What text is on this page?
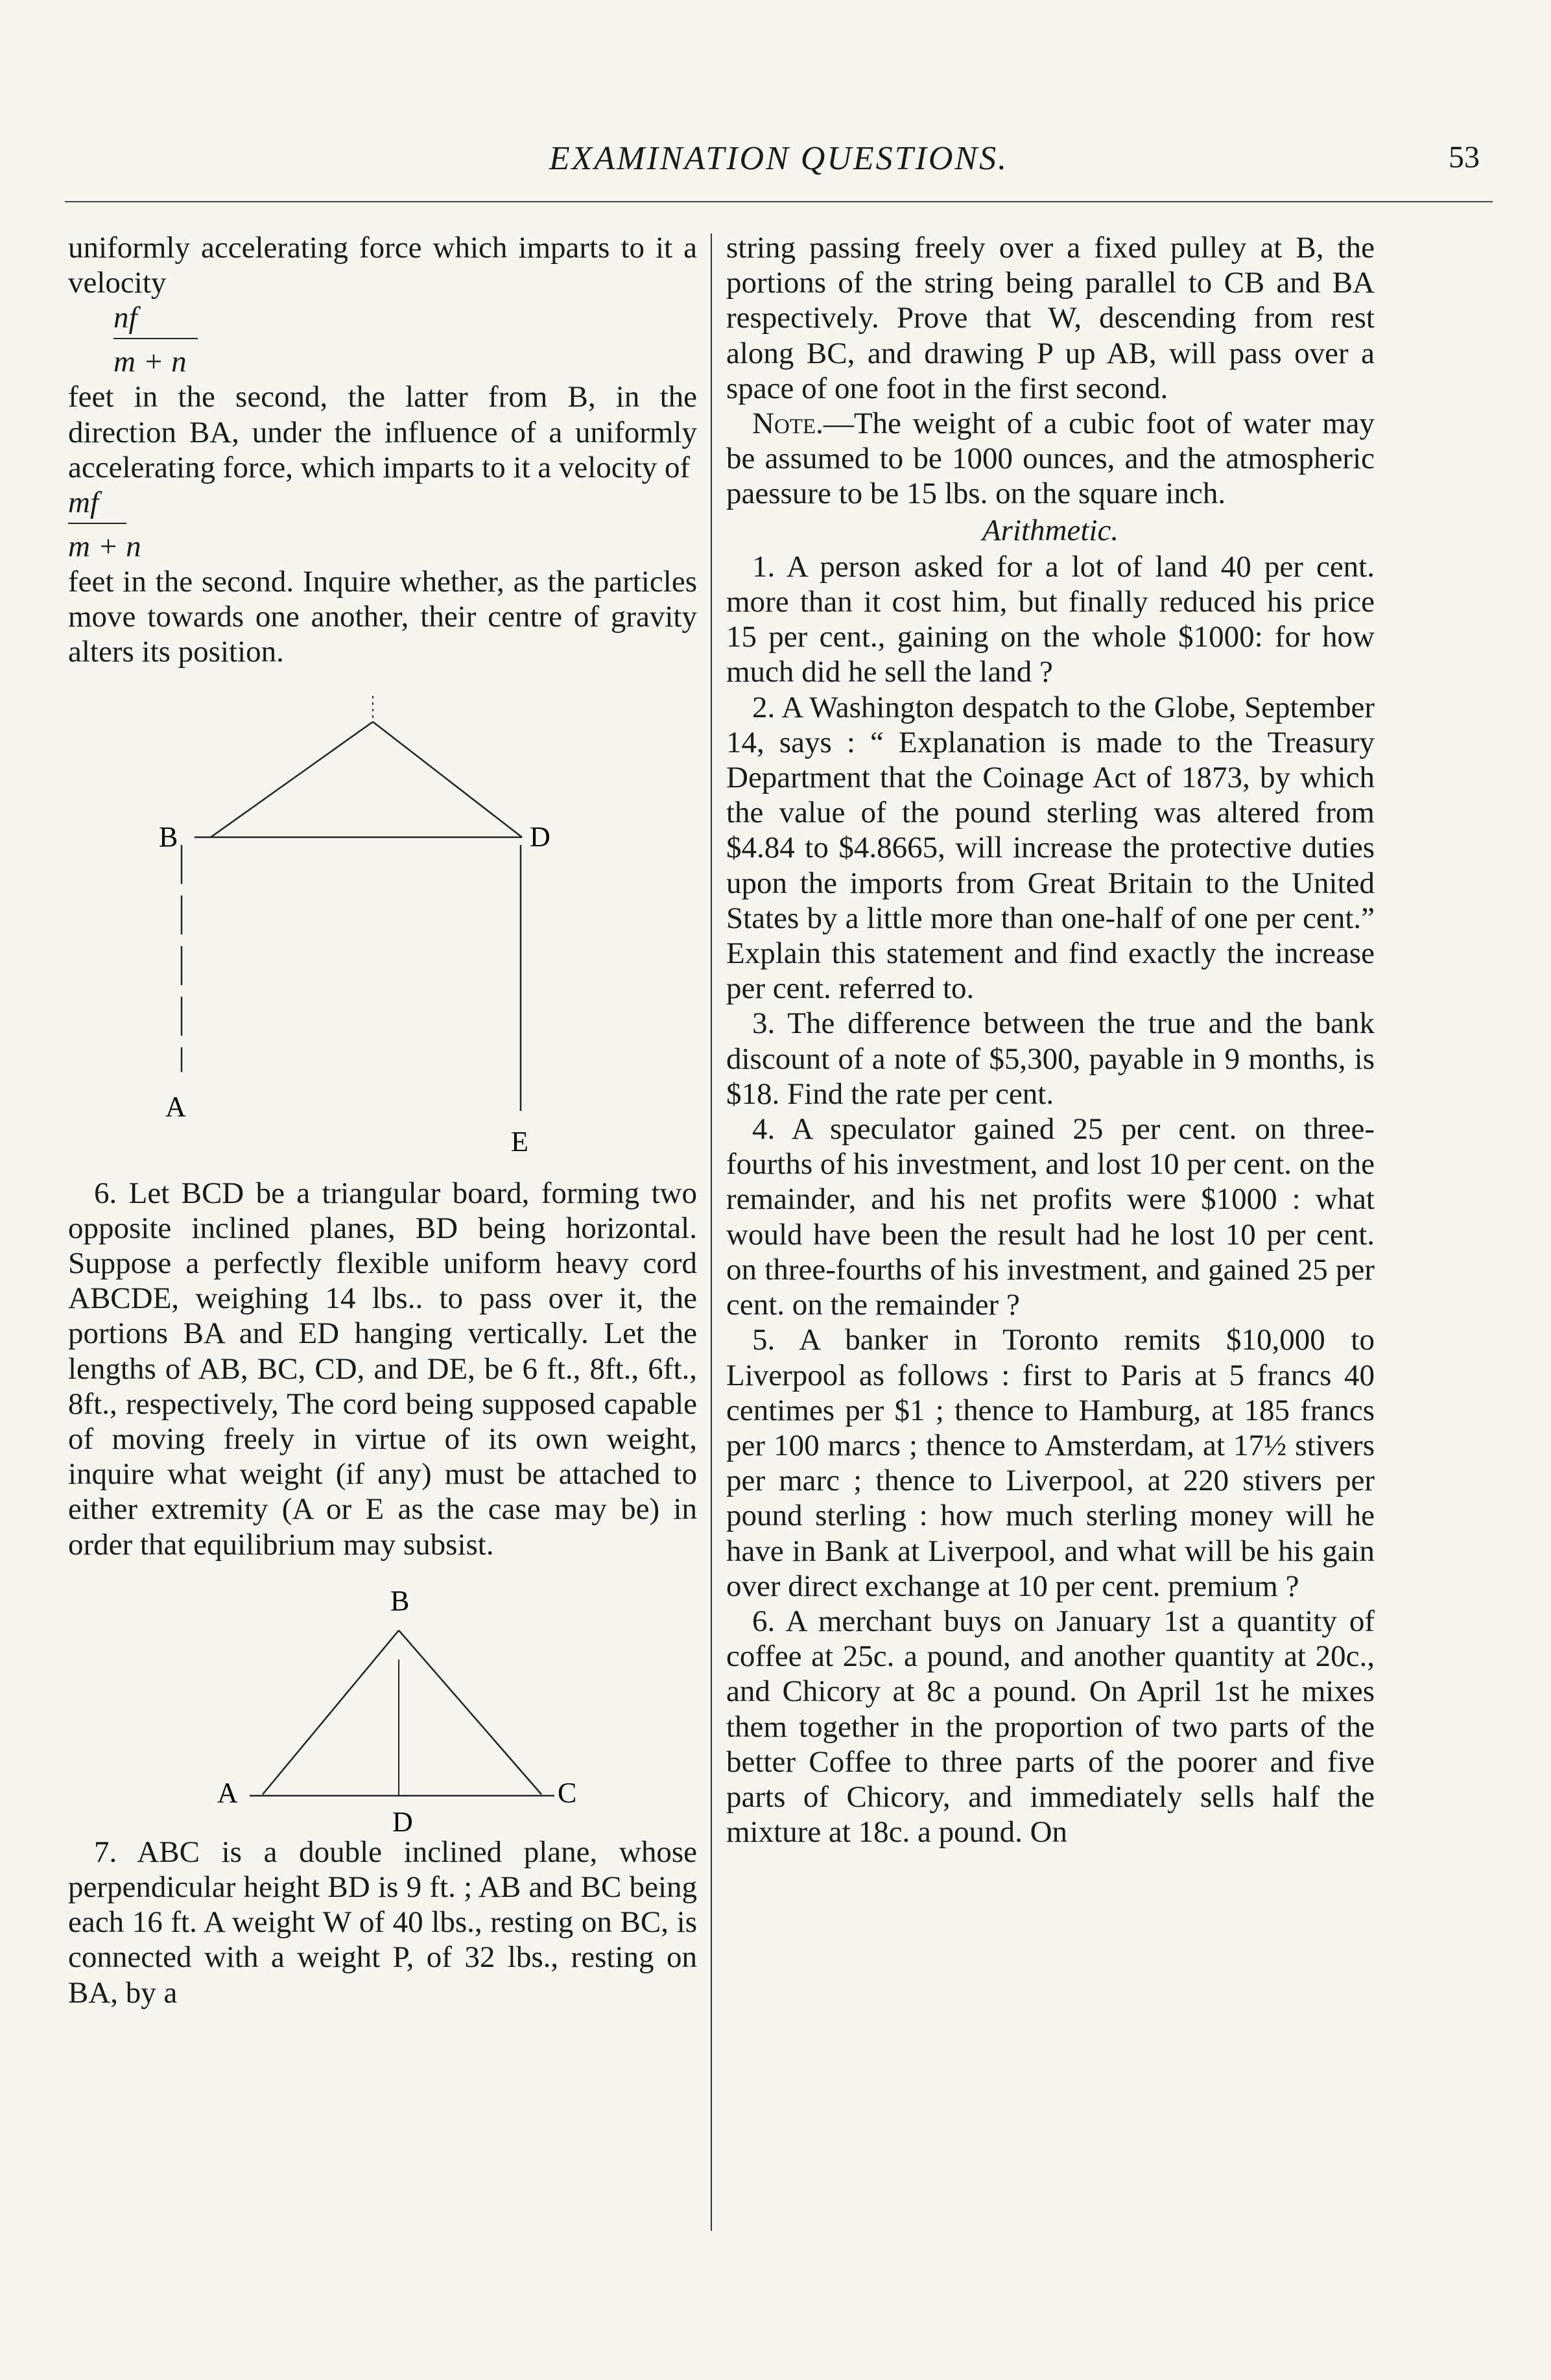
EXAMINATION QUESTIONS.	53

uniformly accelerating force which imparts to it a velocity

nf
m + n

feet in the second, the latter from B, in the direction BA, under the influence of a uniformly accelerating force, which imparts to it a velocity of

mf
m + n

feet in the second. Inquire whether, as the particles move towards one another, their centre of gravity alters its position.

B	D
A
E

6. Let BCD be a triangular board, forming two opposite inclined planes, BD being horizontal. Suppose a perfectly flexible uniform heavy cord ABCDE, weighing 14 lbs.. to pass over it, the portions BA and ED hanging vertically. Let the lengths of AB, BC, CD, and DE, be 6 ft., 8ft., 6ft., 8ft., respectively, The cord being supposed capable of moving freely in virtue of its own weight, inquire what weight (if any) must be attached to either extremity (A or E as the case may be) in order that equilibrium may subsist.

B
A	C
D

7. ABC is a double inclined plane, whose perpendicular height BD is 9 ft. ; AB and BC being each 16 ft. A weight W of 40 lbs., resting on BC, is connected with a weight P, of 32 lbs., resting on BA, by a

string passing freely over a fixed pulley at B, the portions of the string being parallel to CB and BA respectively. Prove that W, descending from rest along BC, and drawing P up AB, will pass over a space of one foot in the first second.

Note.—The weight of a cubic foot of water may be assumed to be 1000 ounces, and the atmospheric paessure to be 15 lbs. on the square inch.

Arithmetic.

1. A person asked for a lot of land 40 per cent. more than it cost him, but finally reduced his price 15 per cent., gaining on the whole $1000: for how much did he sell the land ?

2. A Washington despatch to the Globe, September 14, says : “ Explanation is made to the Treasury Department that the Coinage Act of 1873, by which the value of the pound sterling was altered from $4.84 to $4.8665, will increase the protective duties upon the imports from Great Britain to the United States by a little more than one-half of one per cent.” Explain this statement and find exactly the increase per cent. referred to.

3. The difference between the true and the bank discount of a note of $5,300, payable in 9 months, is $18. Find the rate per cent.

4. A speculator gained 25 per cent. on three-fourths of his investment, and lost 10 per cent. on the remainder, and his net profits were $1000 : what would have been the result had he lost 10 per cent. on three-fourths of his investment, and gained 25 per cent. on the remainder ?

5. A banker in Toronto remits $10,000 to Liverpool as follows : first to Paris at 5 francs 40 centimes per $1 ; thence to Hamburg, at 185 francs per 100 marcs ; thence to Amsterdam, at 17½ stivers per marc ; thence to Liverpool, at 220 stivers per pound sterling : how much sterling money will he have in Bank at Liverpool, and what will be his gain over direct exchange at 10 per cent. premium ?

6. A merchant buys on January 1st a quantity of coffee at 25c. a pound, and another quantity at 20c., and Chicory at 8c a pound. On April 1st he mixes them together in the proportion of two parts of the better Coffee to three parts of the poorer and five parts of Chicory, and immediately sells half the mixture at 18c. a pound. On
